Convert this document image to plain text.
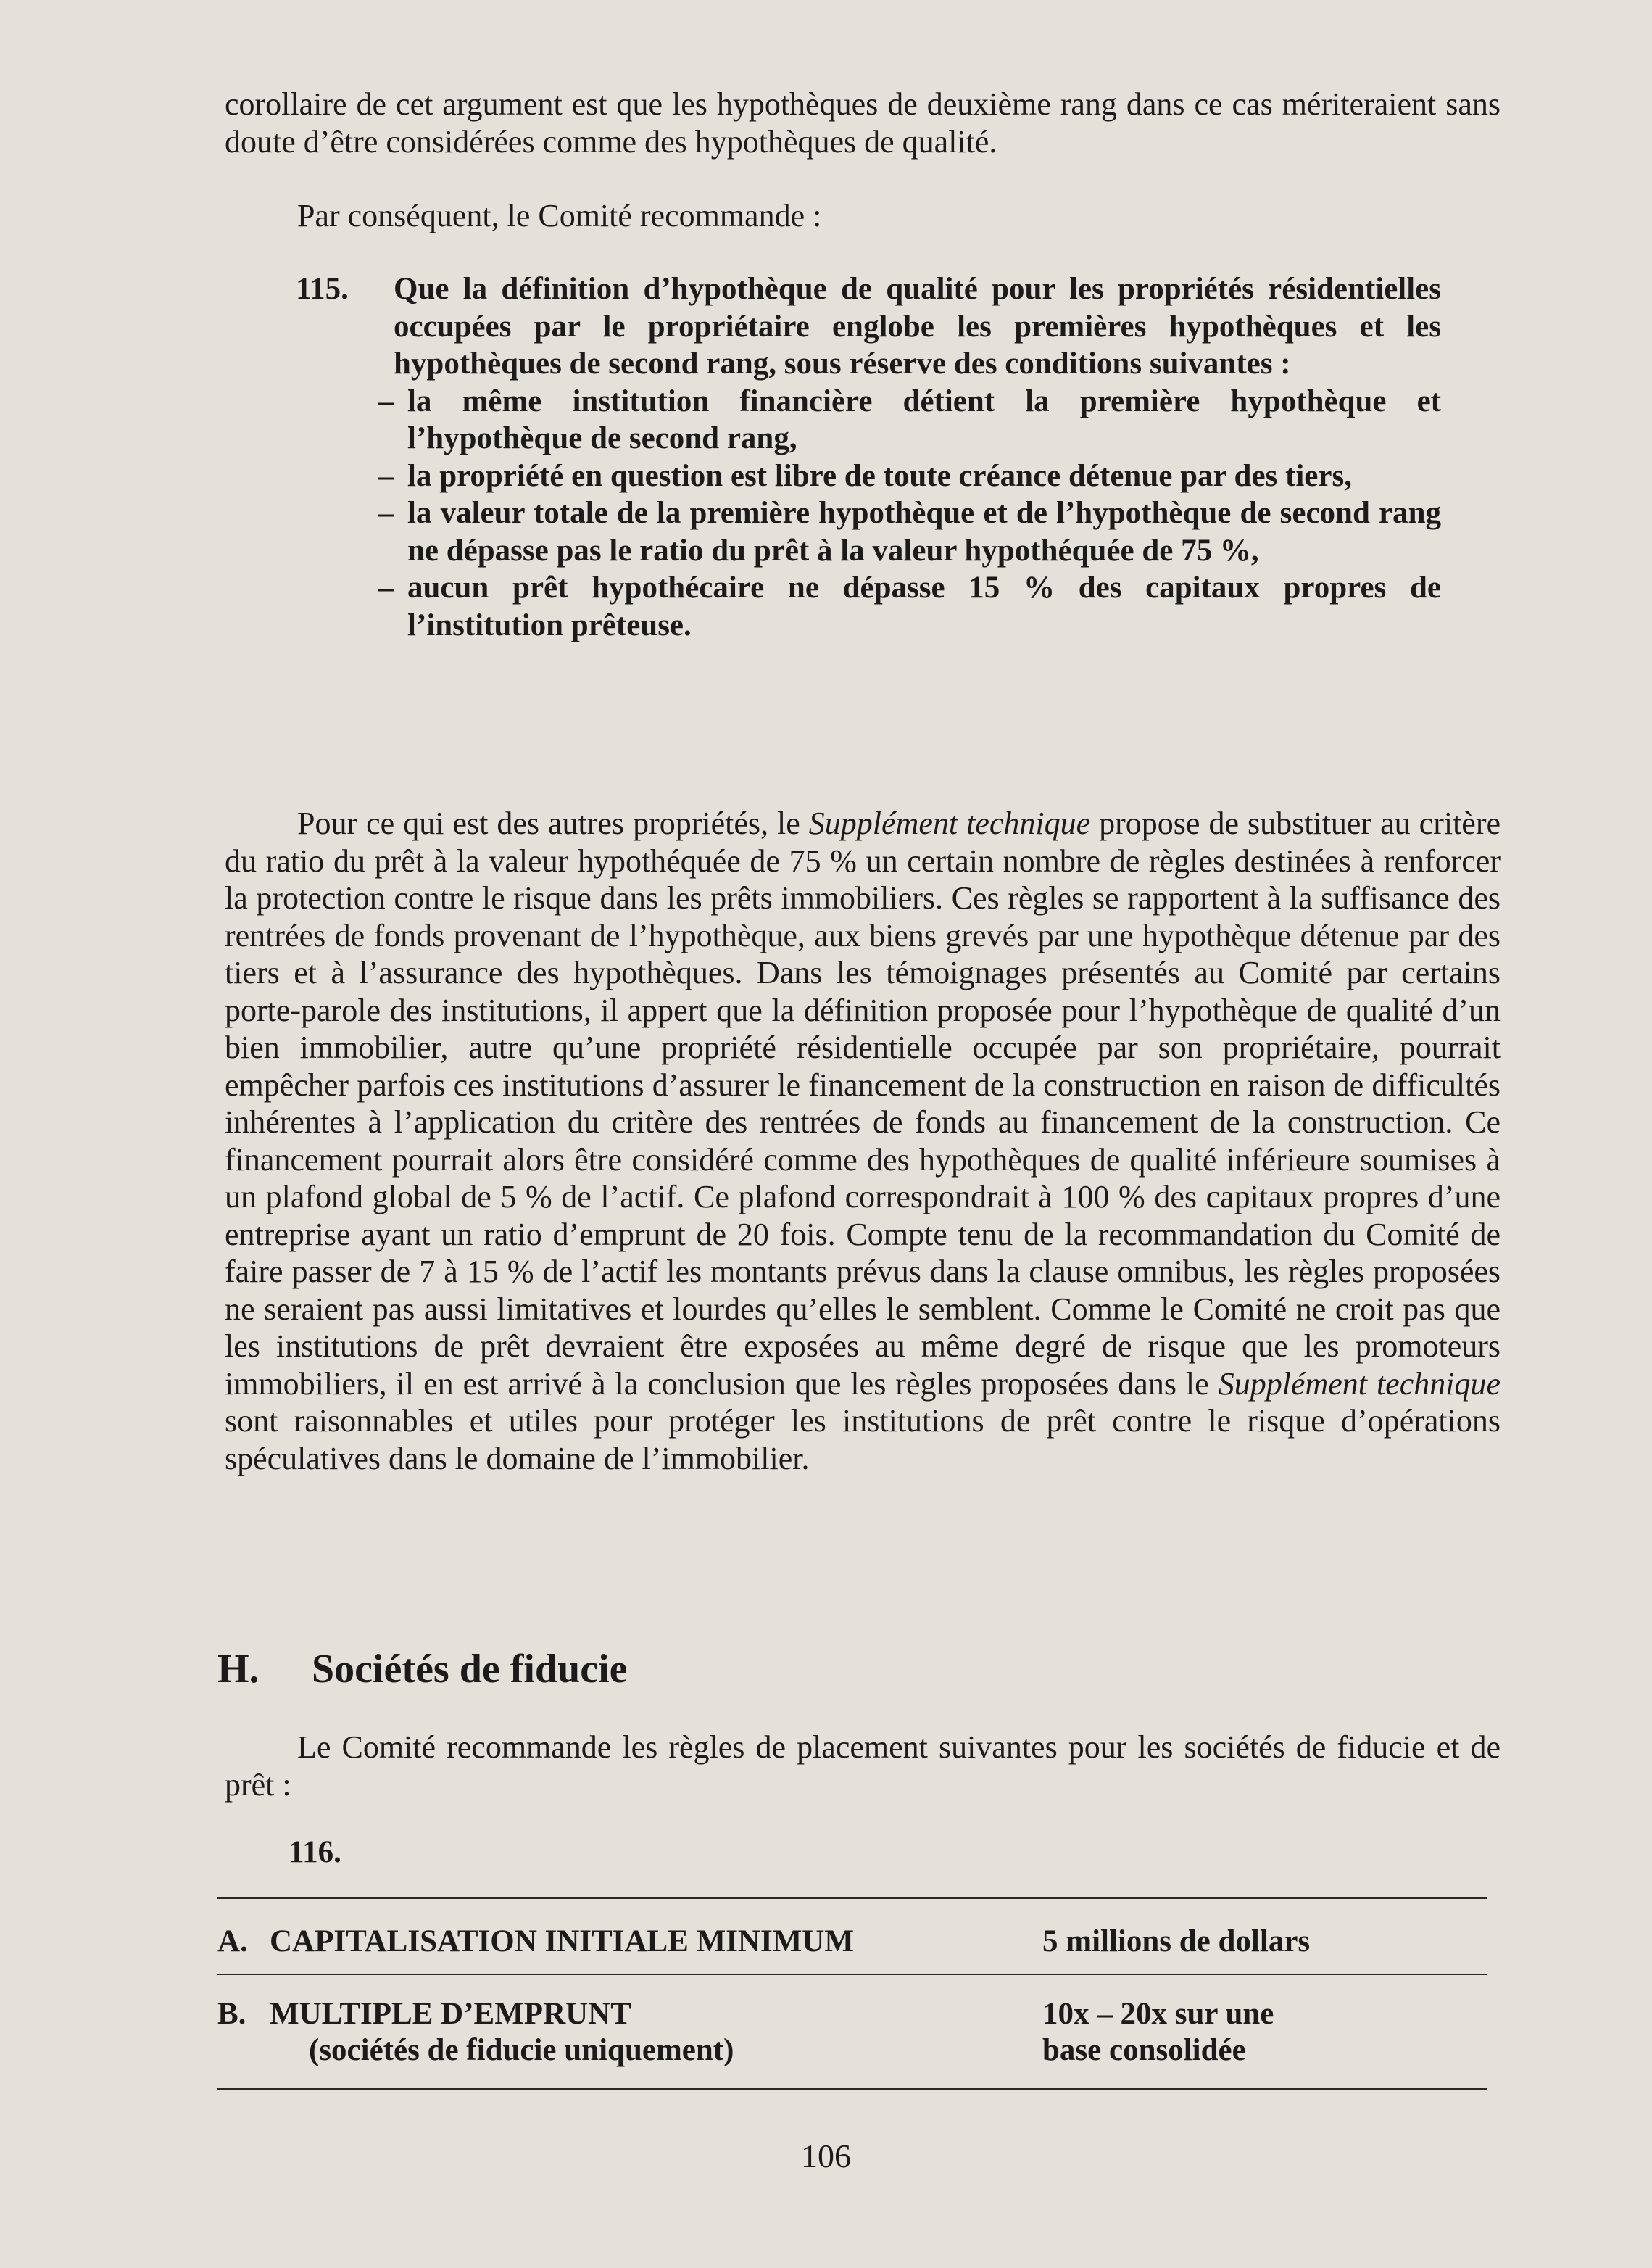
corollaire de cet argument est que les hypothèques de deuxième rang dans ce cas mériteraient sans doute d’être considérées comme des hypothèques de qualité.

Par conséquent, le Comité recommande :

115. Que la définition d’hypothèque de qualité pour les propriétés résidentielles occupées par le propriétaire englobe les premières hypothèques et les hypothèques de second rang, sous réserve des conditions suivantes :
– la même institution financière détient la première hypothèque et l’hypothèque de second rang,
– la propriété en question est libre de toute créance détenue par des tiers,
– la valeur totale de la première hypothèque et de l’hypothèque de second rang ne dépasse pas le ratio du prêt à la valeur hypothéquée de 75 %,
– aucun prêt hypothécaire ne dépasse 15 % des capitaux propres de l’institution prêteuse.

Pour ce qui est des autres propriétés, le Supplément technique propose de substituer au critère du ratio du prêt à la valeur hypothéquée de 75 % un certain nombre de règles destinées à renforcer la protection contre le risque dans les prêts immobiliers. Ces règles se rapportent à la suffisance des rentrées de fonds provenant de l’hypothèque, aux biens grevés par une hypothèque détenue par des tiers et à l’assurance des hypothèques. Dans les témoignages présentés au Comité par certains porte-parole des institutions, il appert que la définition proposée pour l’hypothèque de qualité d’un bien immobilier, autre qu’une propriété résidentielle occupée par son propriétaire, pourrait empêcher parfois ces institutions d’assurer le financement de la construction en raison de difficultés inhérentes à l’application du critère des rentrées de fonds au financement de la construction. Ce financement pourrait alors être considéré comme des hypothèques de qualité inférieure soumises à un plafond global de 5 % de l’actif. Ce plafond correspondrait à 100 % des capitaux propres d’une entreprise ayant un ratio d’emprunt de 20 fois. Compte tenu de la recommandation du Comité de faire passer de 7 à 15 % de l’actif les montants prévus dans la clause omnibus, les règles proposées ne seraient pas aussi limitatives et lourdes qu’elles le semblent. Comme le Comité ne croit pas que les institutions de prêt devraient être exposées au même degré de risque que les promoteurs immobiliers, il en est arrivé à la conclusion que les règles proposées dans le Supplément technique sont raisonnables et utiles pour protéger les institutions de prêt contre le risque d’opérations spéculatives dans le domaine de l’immobilier.

H. Sociétés de fiducie

Le Comité recommande les règles de placement suivantes pour les sociétés de fiducie et de prêt :

116.
A. CAPITALISATION INITIALE MINIMUM	5 millions de dollars
B. MULTIPLE D’EMPRUNT	10x – 20x sur une
(sociétés de fiducie uniquement)	base consolidée
106
